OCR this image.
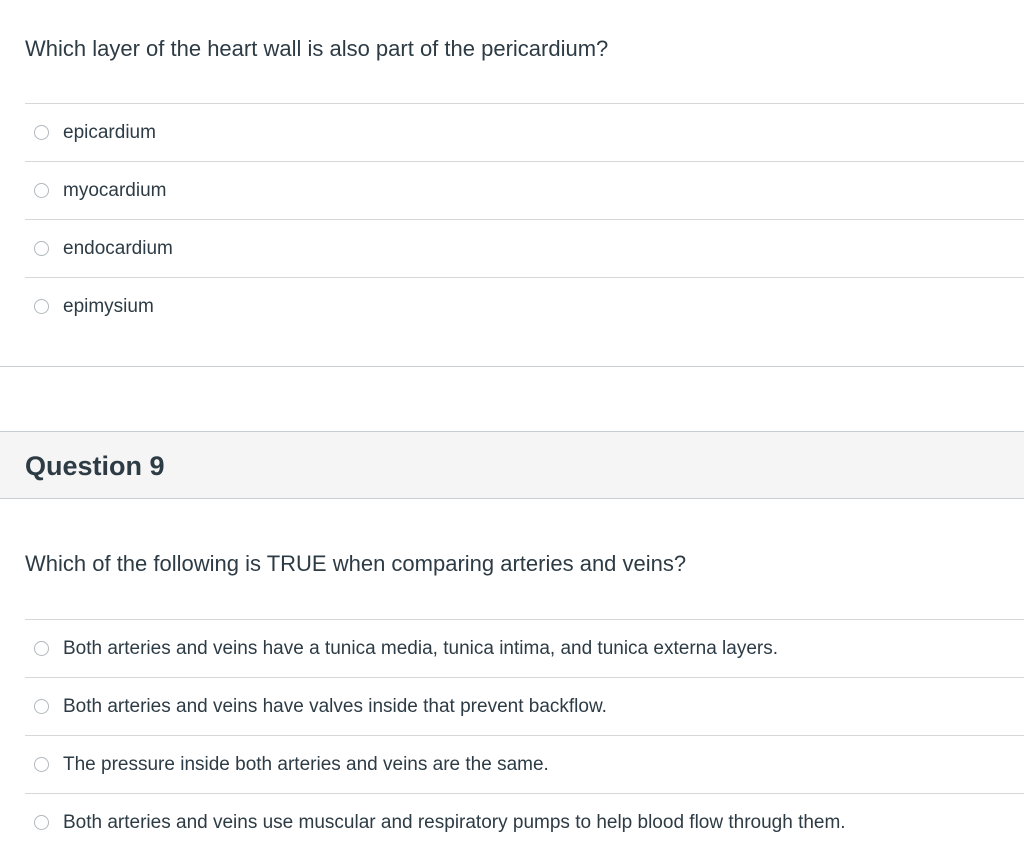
Which layer of the heart wall is also part of the pericardium?
epicardium
myocardium
endocardium
epimysium
Question 9
Which of the following is TRUE when comparing arteries and veins?
Both arteries and veins have a tunica media, tunica intima, and tunica externa layers.
Both arteries and veins have valves inside that prevent backflow.
The pressure inside both arteries and veins are the same.
Both arteries and veins use muscular and respiratory pumps to help blood flow through them.
